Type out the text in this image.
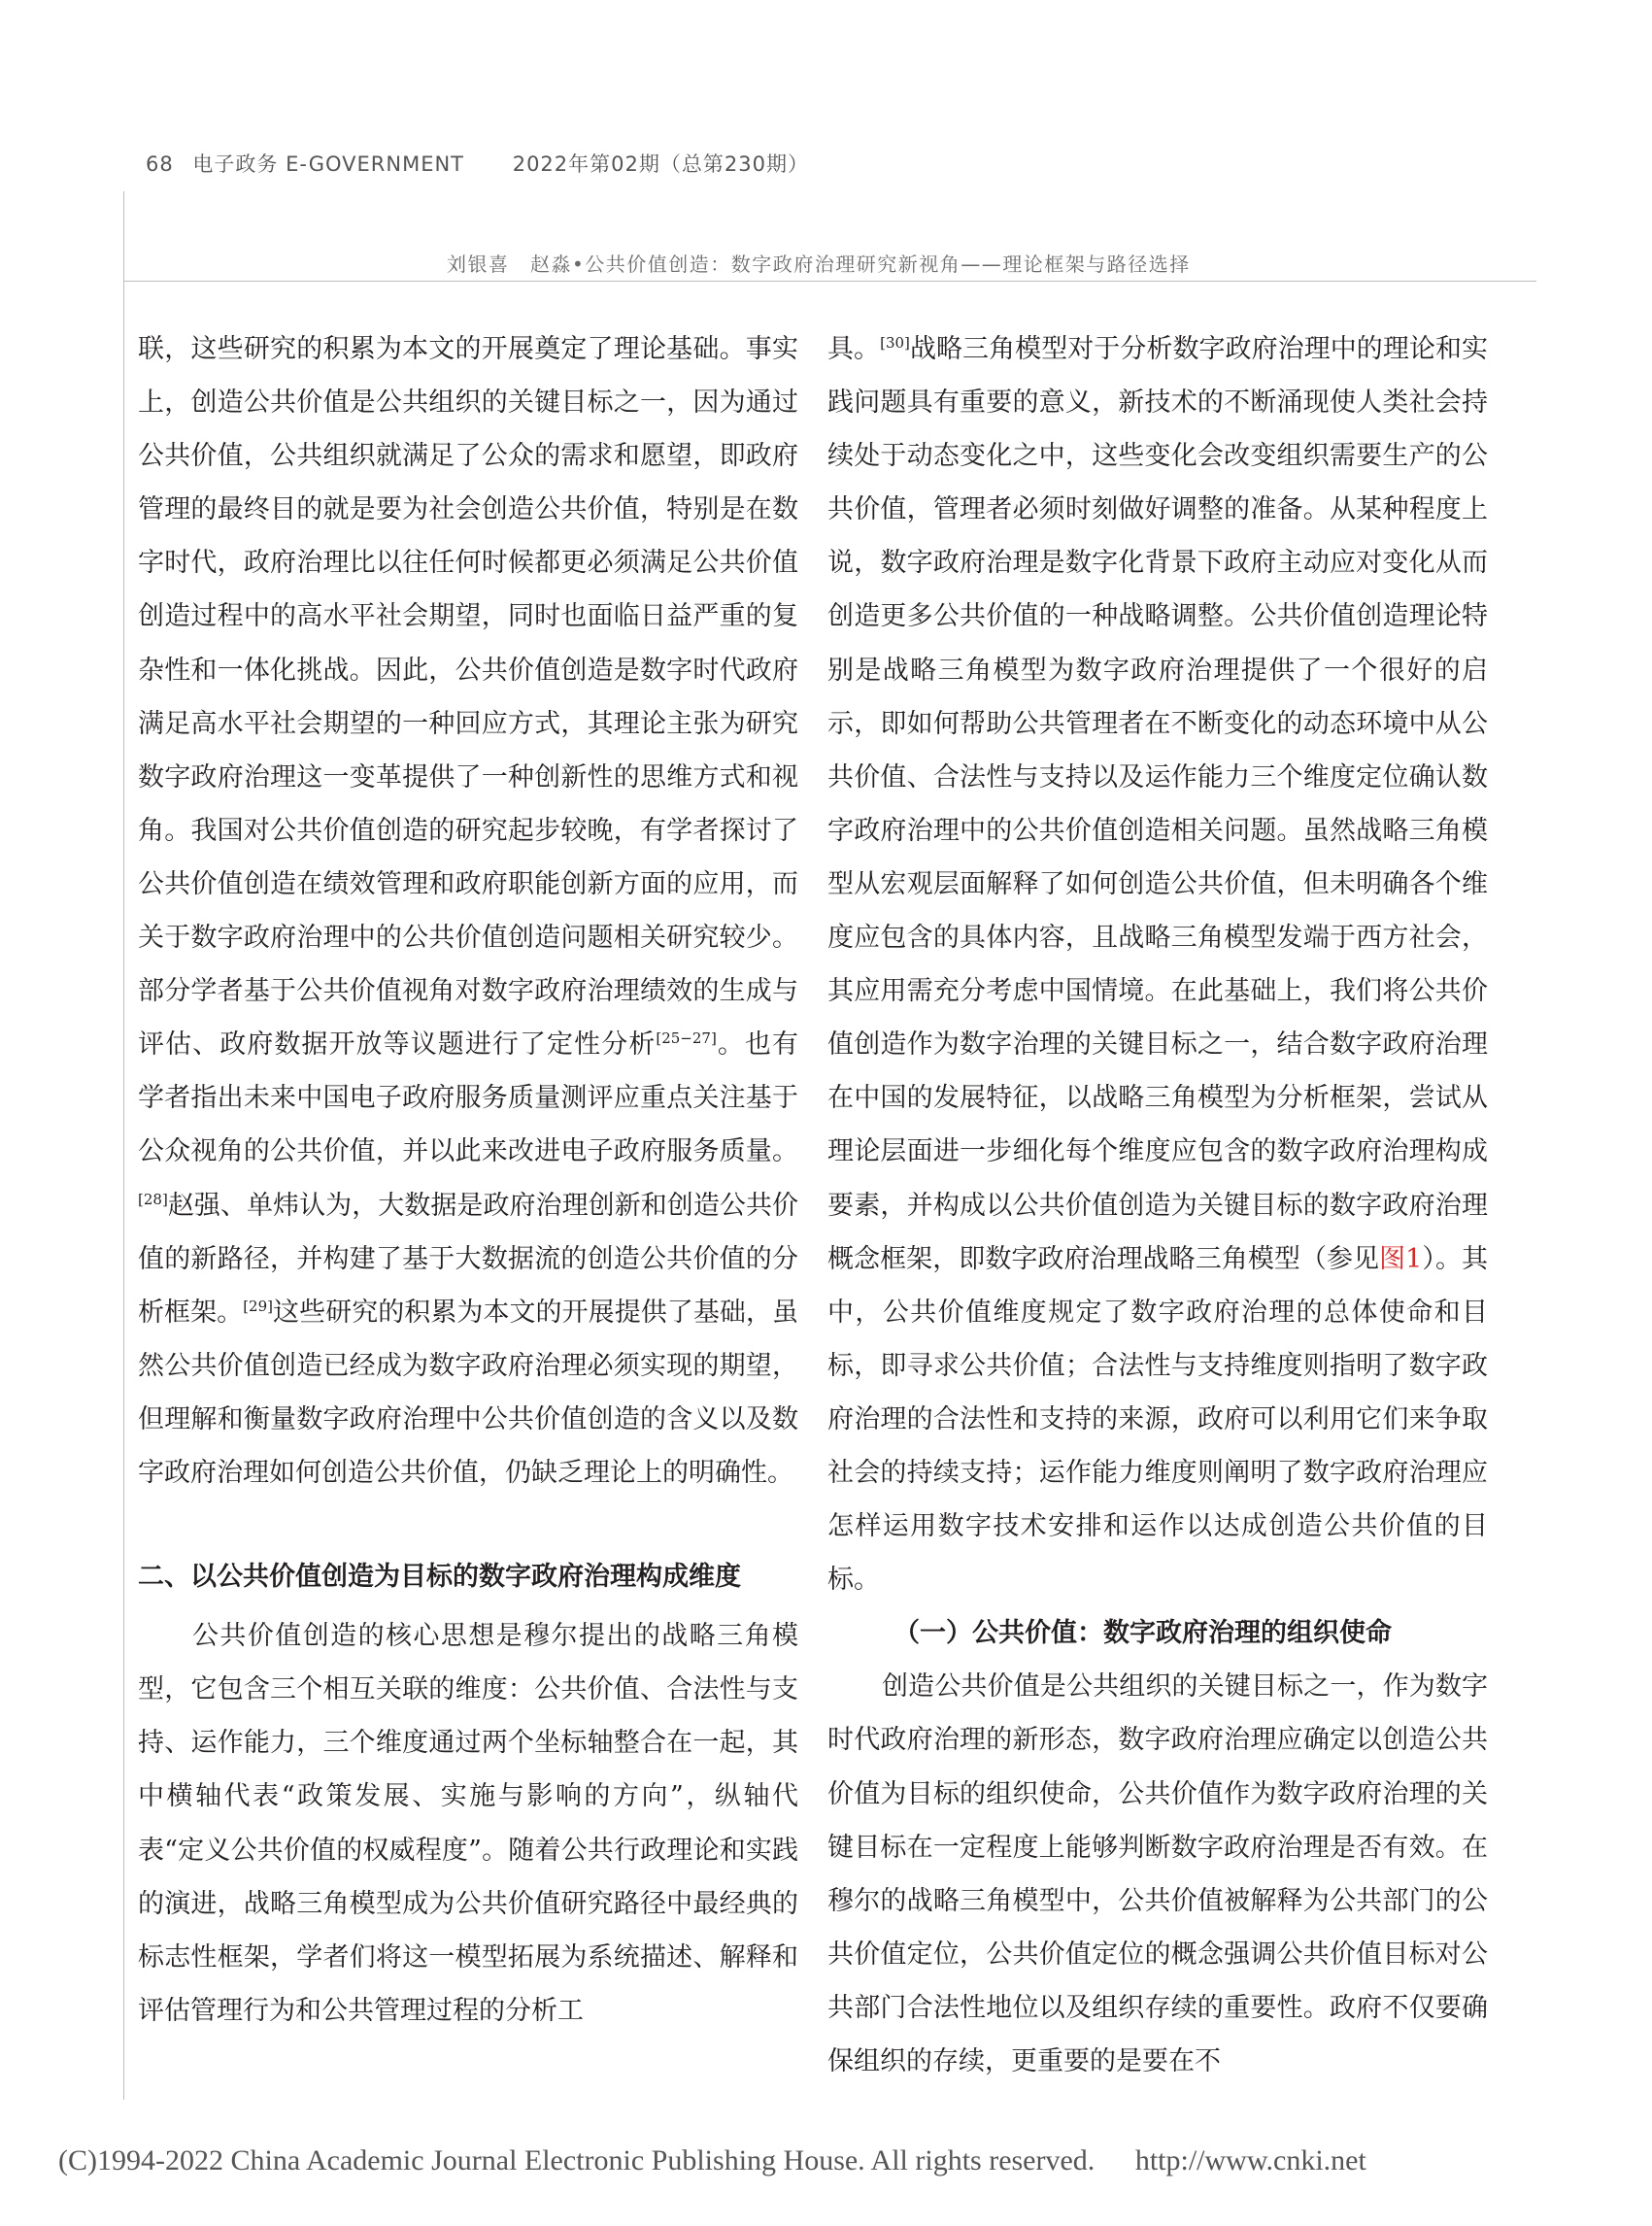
68 电子政务 E-GOVERNMENT 2022年第02期（总第230期）
刘银喜　赵淼•公共价值创造：数字政府治理研究新视角——理论框架与路径选择

联，这些研究的积累为本文的开展奠定了理论基础。事实上，创造公共价值是公共组织的关键目标之一，因为通过公共价值，公共组织就满足了公众的需求和愿望，即政府管理的最终目的就是要为社会创造公共价值，特别是在数字时代，政府治理比以往任何时候都更必须满足公共价值创造过程中的高水平社会期望，同时也面临日益严重的复杂性和一体化挑战。因此，公共价值创造是数字时代政府满足高水平社会期望的一种回应方式，其理论主张为研究数字政府治理这一变革提供了一种创新性的思维方式和视角。我国对公共价值创造的研究起步较晚，有学者探讨了公共价值创造在绩效管理和政府职能创新方面的应用，而关于数字政府治理中的公共价值创造问题相关研究较少。部分学者基于公共价值视角对数字政府治理绩效的生成与评估、政府数据开放等议题进行了定性分析[25−27]。也有学者指出未来中国电子政府服务质量测评应重点关注基于公众视角的公共价值，并以此来改进电子政府服务质量。[28]赵强、单炜认为，大数据是政府治理创新和创造公共价值的新路径，并构建了基于大数据流的创造公共价值的分析框架。[29]这些研究的积累为本文的开展提供了基础，虽然公共价值创造已经成为数字政府治理必须实现的期望，但理解和衡量数字政府治理中公共价值创造的含义以及数字政府治理如何创造公共价值，仍缺乏理论上的明确性。

二、以公共价值创造为目标的数字政府治理构成维度

公共价值创造的核心思想是穆尔提出的战略三角模型，它包含三个相互关联的维度：公共价值、合法性与支持、运作能力，三个维度通过两个坐标轴整合在一起，其中横轴代表“政策发展、实施与影响的方向”，纵轴代表“定义公共价值的权威程度”。随着公共行政理论和实践的演进，战略三角模型成为公共价值研究路径中最经典的标志性框架，学者们将这一模型拓展为系统描述、解释和评估管理行为和公共管理过程的分析工

具。[30]战略三角模型对于分析数字政府治理中的理论和实践问题具有重要的意义，新技术的不断涌现使人类社会持续处于动态变化之中，这些变化会改变组织需要生产的公共价值，管理者必须时刻做好调整的准备。从某种程度上说，数字政府治理是数字化背景下政府主动应对变化从而创造更多公共价值的一种战略调整。公共价值创造理论特别是战略三角模型为数字政府治理提供了一个很好的启示，即如何帮助公共管理者在不断变化的动态环境中从公共价值、合法性与支持以及运作能力三个维度定位确认数字政府治理中的公共价值创造相关问题。虽然战略三角模型从宏观层面解释了如何创造公共价值，但未明确各个维度应包含的具体内容，且战略三角模型发端于西方社会，其应用需充分考虑中国情境。在此基础上，我们将公共价值创造作为数字治理的关键目标之一，结合数字政府治理在中国的发展特征，以战略三角模型为分析框架，尝试从理论层面进一步细化每个维度应包含的数字政府治理构成要素，并构成以公共价值创造为关键目标的数字政府治理概念框架，即数字政府治理战略三角模型（参见图1）。其中，公共价值维度规定了数字政府治理的总体使命和目标，即寻求公共价值；合法性与支持维度则指明了数字政府治理的合法性和支持的来源，政府可以利用它们来争取社会的持续支持；运作能力维度则阐明了数字政府治理应怎样运用数字技术安排和运作以达成创造公共价值的目标。

（一）公共价值：数字政府治理的组织使命

创造公共价值是公共组织的关键目标之一，作为数字时代政府治理的新形态，数字政府治理应确定以创造公共价值为目标的组织使命，公共价值作为数字政府治理的关键目标在一定程度上能够判断数字政府治理是否有效。在穆尔的战略三角模型中，公共价值被解释为公共部门的公共价值定位，公共价值定位的概念强调公共价值目标对公共部门合法性地位以及组织存续的重要性。政府不仅要确保组织的存续，更重要的是要在不

(C)1994-2022 China Academic Journal Electronic Publishing House. All rights reserved. http://www.cnki.net
